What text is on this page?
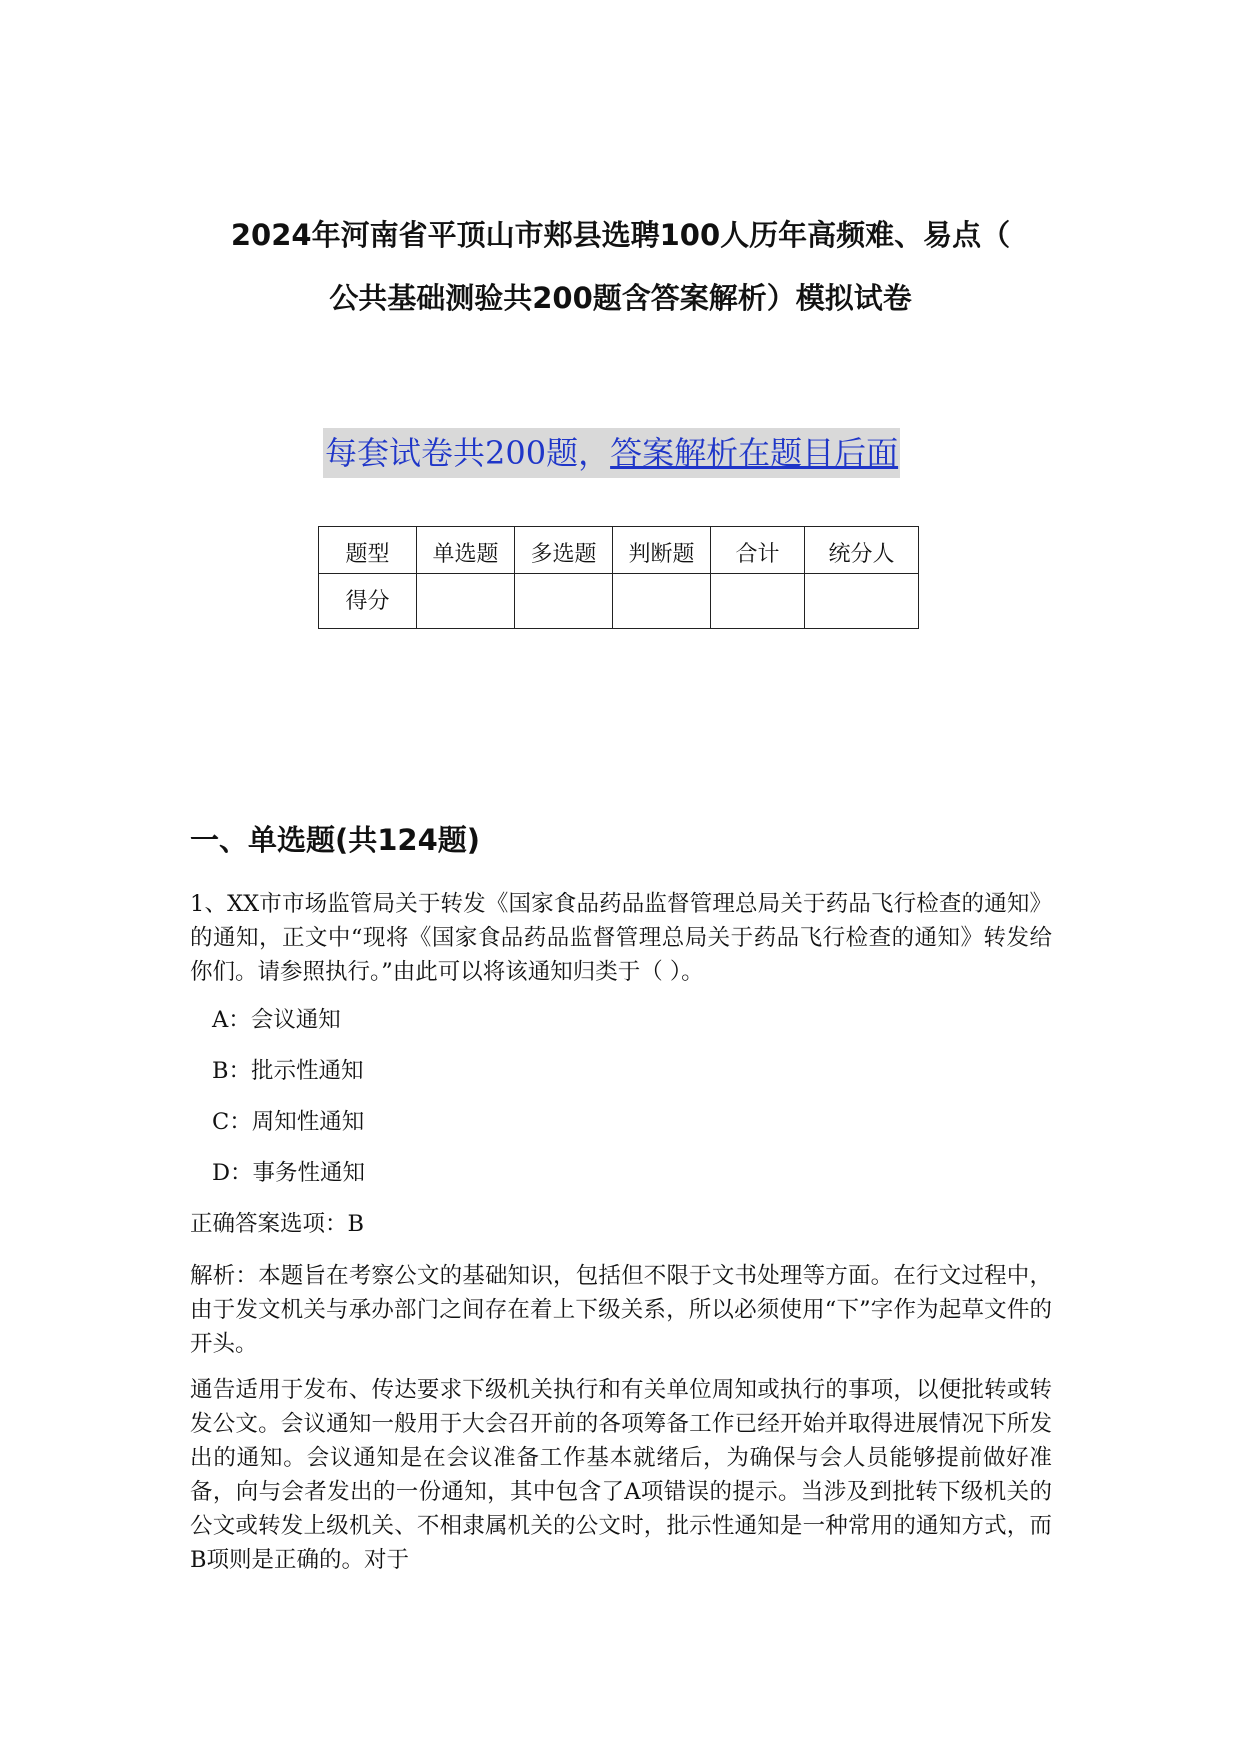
2024年河南省平顶山市郏县选聘100人历年高频难、易点（
公共基础测验共200题含答案解析）模拟试卷
每套试卷共200题，答案解析在题目后面
题型	单选题	多选题	判断题	合计	统分人
得分					
一、单选题(共124题)
1、XX市市场监管局关于转发《国家食品药品监督管理总局关于药品飞行检查的通知》的通知，正文中“现将《国家食品药品监督管理总局关于药品飞行检查的通知》转发给你们。请参照执行。”由此可以将该通知归类于（ ）。
A：会议通知
B：批示性通知
C：周知性通知
D：事务性通知
正确答案选项：B
解析：本题旨在考察公文的基础知识，包括但不限于文书处理等方面。在行文过程中，由于发文机关与承办部门之间存在着上下级关系，所以必须使用“下”字作为起草文件的开头。
通告适用于发布、传达要求下级机关执行和有关单位周知或执行的事项，以便批转或转发公文。会议通知一般用于大会召开前的各项筹备工作已经开始并取得进展情况下所发出的通知。会议通知是在会议准备工作基本就绪后，为确保与会人员能够提前做好准备，向与会者发出的一份通知，其中包含了A项错误的提示。当涉及到批转下级机关的公文或转发上级机关、不相隶属机关的公文时，批示性通知是一种常用的通知方式，而B项则是正确的。对于
